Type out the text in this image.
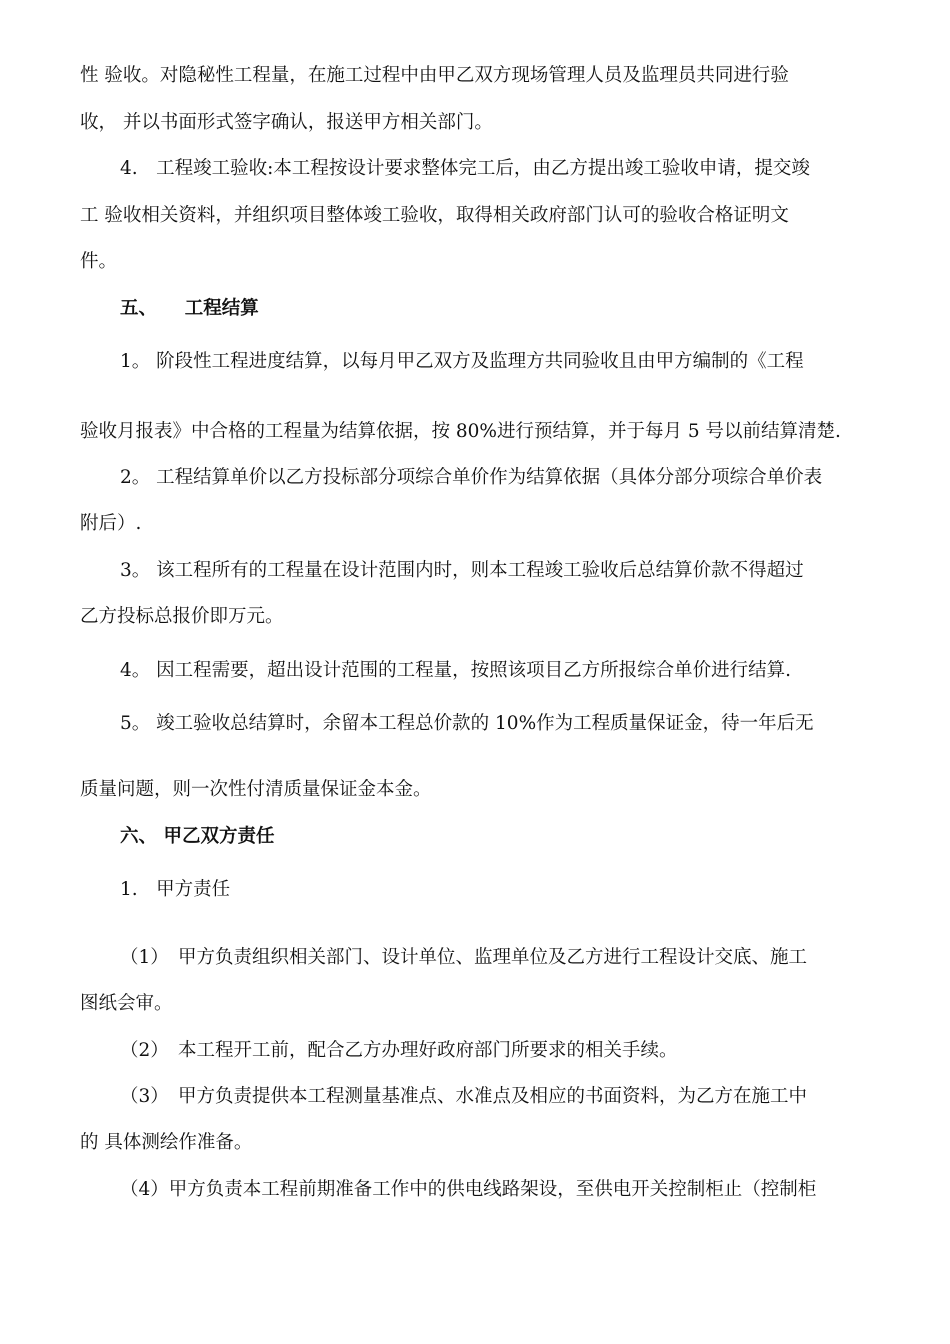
性 验收。对隐秘性工程量，在施工过程中由甲乙双方现场管理人员及监理员共同进行验
收， 并以书面形式签字确认，报送甲方相关部门。
4.　工程竣工验收:本工程按设计要求整体完工后，由乙方提出竣工验收申请，提交竣
工 验收相关资料，并组织项目整体竣工验收，取得相关政府部门认可的验收合格证明文
件。
五、　　工程结算
1。 阶段性工程进度结算，以每月甲乙双方及监理方共同验收且由甲方编制的《工程
验收月报表》中合格的工程量为结算依据，按 80%进行预结算，并于每月 5 号以前结算清楚.
2。 工程结算单价以乙方投标部分项综合单价作为结算依据（具体分部分项综合单价表
附后）.
3。 该工程所有的工程量在设计范围内时，则本工程竣工验收后总结算价款不得超过
乙方投标总报价即万元。
4。 因工程需要，超出设计范围的工程量，按照该项目乙方所报综合单价进行结算.
5。 竣工验收总结算时，余留本工程总价款的 10%作为工程质量保证金，待一年后无
质量问题，则一次性付清质量保证金本金。
六、 甲乙双方责任
1.　甲方责任
（1）　甲方负责组织相关部门、设计单位、监理单位及乙方进行工程设计交底、施工
图纸会审。
（2）　本工程开工前，配合乙方办理好政府部门所要求的相关手续。
（3）　甲方负责提供本工程测量基准点、水准点及相应的书面资料，为乙方在施工中
的 具体测绘作准备。
（4）甲方负责本工程前期准备工作中的供电线路架设，至供电开关控制柜止（控制柜
